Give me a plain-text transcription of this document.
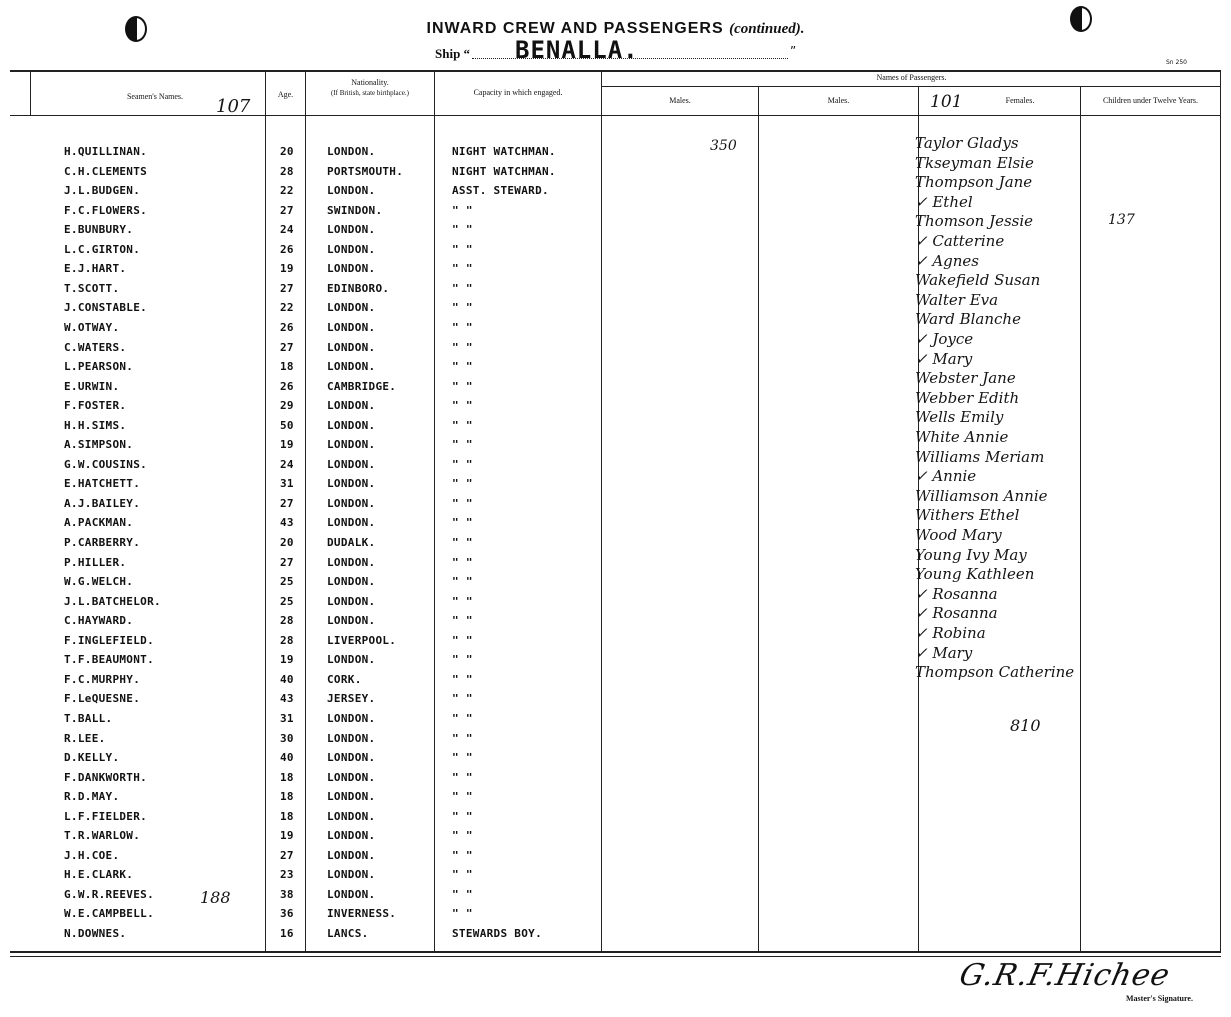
INWARD CREW AND PASSENGERS (continued).
Ship “ BENALLA.	”
Sn 250
Seamen's Names.	Age.
Nationality.
(If British, state birthplace.)	Capacity in which engaged.
Names of Passengers.
Males.	Males.	Females.	Children under Twelve Years.
107	101
350
137
810
188
H.QUILLINAN.	20	LONDON.	NIGHT WATCHMAN.
C.H.CLEMENTS	28	PORTSMOUTH.	NIGHT WATCHMAN.
J.L.BUDGEN.	22	LONDON.	ASST. STEWARD.
F.C.FLOWERS.	27	SWINDON.	" "
E.BUNBURY.	24	LONDON.	" "
L.C.GIRTON.	26	LONDON.	" "
E.J.HART.	19	LONDON.	" "
T.SCOTT.	27	EDINBORO.	" "
J.CONSTABLE.	22	LONDON.	" "
W.OTWAY.	26	LONDON.	" "
C.WATERS.	27	LONDON.	" "
L.PEARSON.	18	LONDON.	" "
E.URWIN.	26	CAMBRIDGE.	" "
F.FOSTER.	29	LONDON.	" "
H.H.SIMS.	50	LONDON.	" "
A.SIMPSON.	19	LONDON.	" "
G.W.COUSINS.	24	LONDON.	" "
E.HATCHETT.	31	LONDON.	" "
A.J.BAILEY.	27	LONDON.	" "
A.PACKMAN.	43	LONDON.	" "
P.CARBERRY.	20	DUDALK.	" "
P.HILLER.	27	LONDON.	" "
W.G.WELCH.	25	LONDON.	" "
J.L.BATCHELOR.	25	LONDON.	" "
C.HAYWARD.	28	LONDON.	" "
F.INGLEFIELD.	28	LIVERPOOL.	" "
T.F.BEAUMONT.	19	LONDON.	" "
F.C.MURPHY.	40	CORK.	" "
F.LeQUESNE.	43	JERSEY.	" "
T.BALL.	31	LONDON.	" "
R.LEE.	30	LONDON.	" "
D.KELLY.	40	LONDON.	" "
F.DANKWORTH.	18	LONDON.	" "
R.D.MAY.	18	LONDON.	" "
L.F.FIELDER.	18	LONDON.	" "
T.R.WARLOW.	19	LONDON.	" "
J.H.COE.	27	LONDON.	" "
H.E.CLARK.	23	LONDON.	" "
G.W.R.REEVES.	38	LONDON.	" "
W.E.CAMPBELL.	36	INVERNESS.	" "
N.DOWNES.	16	LANCS.	STEWARDS BOY.
Taylor Gladys
Tkseyman Elsie
Thompson Jane
✓ Ethel
Thomson Jessie
✓ Catterine
✓ Agnes
Wakefield Susan
Walter Eva
Ward Blanche
✓ Joyce
✓ Mary
Webster Jane
Webber Edith
Wells Emily
White Annie
Williams Meriam
✓ Annie
Williamson Annie
Withers Ethel
Wood Mary
Young Ivy May
Young Kathleen
✓ Rosanna
✓ Rosanna
✓ Robina
✓ Mary
Thompson Catherine
G.R.F.Hichee
Master's Signature.
